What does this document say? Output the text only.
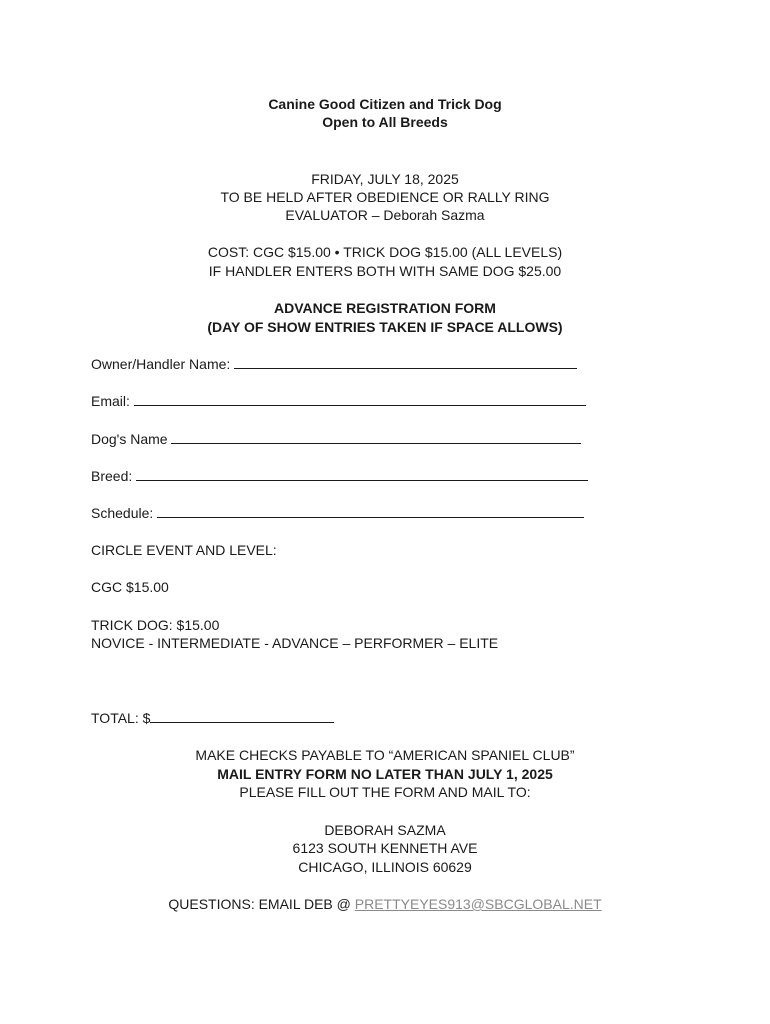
Canine Good Citizen and Trick Dog

Open to All Breeds

FRIDAY, JULY 18, 2025

TO BE HELD AFTER OBEDIENCE OR RALLY RING

EVALUATOR – Deborah Sazma

COST: CGC $15.00 • TRICK DOG $15.00 (ALL LEVELS)

IF HANDLER ENTERS BOTH WITH SAME DOG $25.00

ADVANCE REGISTRATION FORM

(DAY OF SHOW ENTRIES TAKEN IF SPACE ALLOWS)

Owner/Handler Name:
Email:
Dog's Name
Breed:
Schedule:

CIRCLE EVENT AND LEVEL:

CGC $15.00

TRICK DOG: $15.00

NOVICE - INTERMEDIATE - ADVANCE – PERFORMER – ELITE

TOTAL: $

MAKE CHECKS PAYABLE TO “AMERICAN SPANIEL CLUB”

MAIL ENTRY FORM NO LATER THAN JULY 1, 2025

PLEASE FILL OUT THE FORM AND MAIL TO:

DEBORAH SAZMA

6123 SOUTH KENNETH AVE

CHICAGO, ILLINOIS 60629

QUESTIONS: EMAIL DEB @ PRETTYEYES913@SBCGLOBAL.NET
